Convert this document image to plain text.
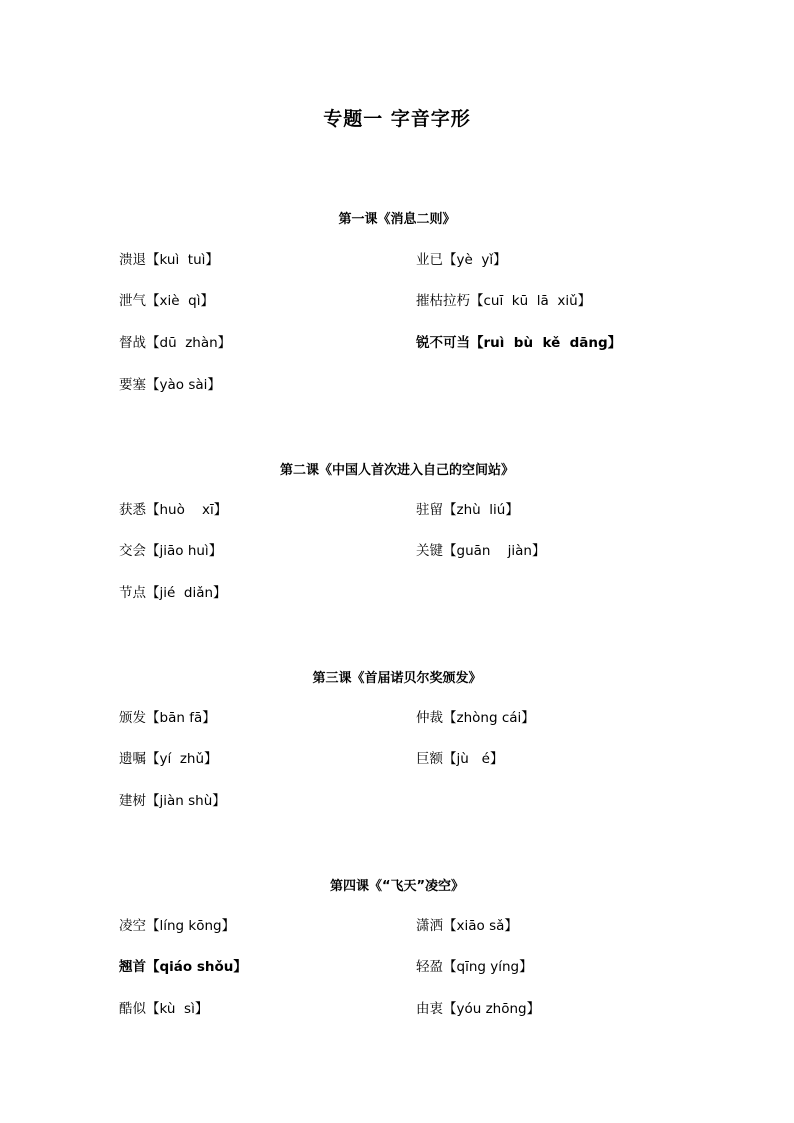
专题一 字音字形
第一课《消息二则》
溃退【kuì  tuì】	业已【yè  yǐ】
泄气【xiè  qì】	摧枯拉朽【cuī  kū  lā  xiǔ】
督战【dū  zhàn】	锐不可当【ruì  bù  kě  dāng】
要塞【yào sài】
第二课《中国人首次进入自己的空间站》
获悉【huò    xī】	驻留【zhù  liú】
交会【jiāo huì】	关键【guān    jiàn】
节点【jié  diǎn】
第三课《首届诺贝尔奖颁发》
颁发【bān fā】	仲裁【zhòng cái】
遗嘱【yí  zhǔ】	巨额【jù   é】
建树【jiàn shù】
第四课《“飞天”凌空》
凌空【líng kōng】	潇洒【xiāo sǎ】
翘首【qiáo shǒu】	轻盈【qīng yíng】
酷似【kù  sì】	由衷【yóu zhōng】
